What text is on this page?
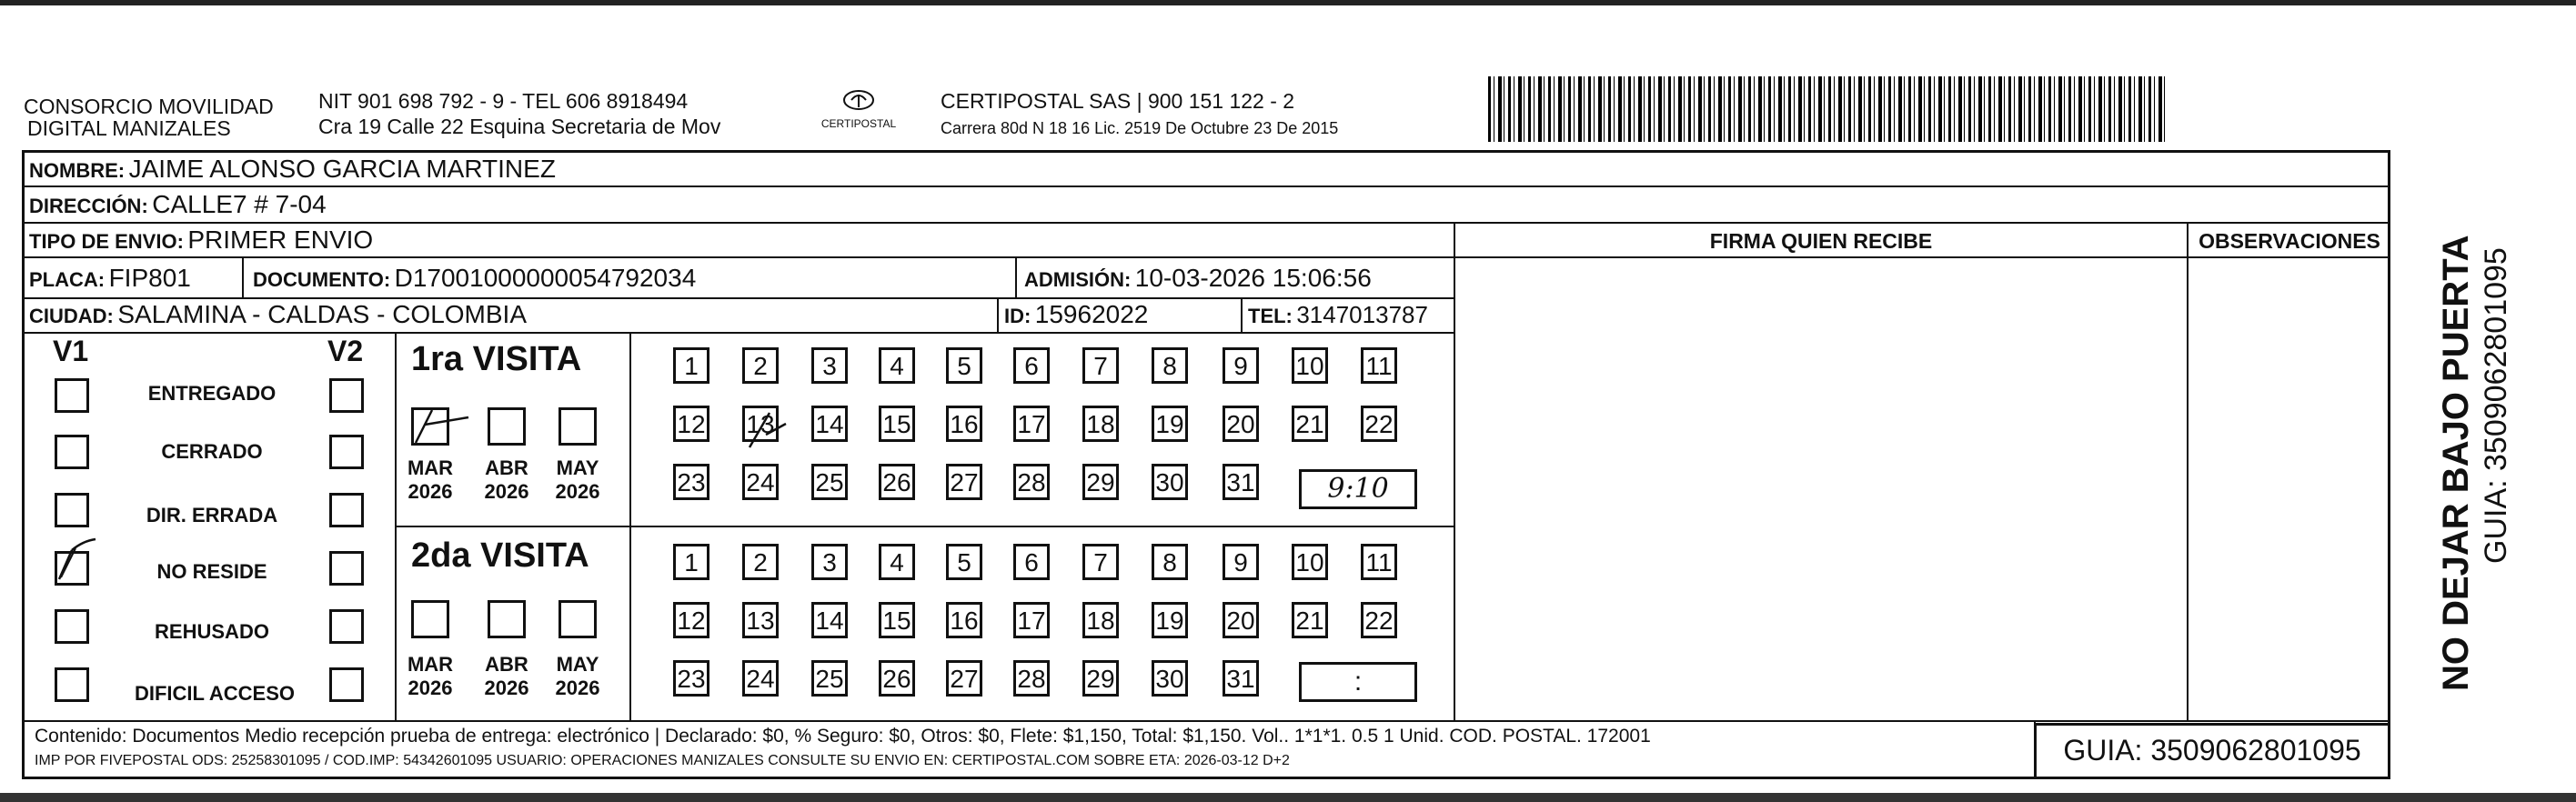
CONSORCIO MOVILIDAD
DIGITAL MANIZALES
NIT 901 698 792 - 9 - TEL 606 8918494
Cra 19 Calle 22 Esquina Secretaria de Mov	CERTIPOSTAL
CERTIPOSTAL SAS | 900 151 122 - 2
Carrera 80d N 18 16 Lic. 2519 De Octubre 23 De 2015
NOMBRE: JAIME ALONSO GARCIA MARTINEZ
DIRECCIÓN: CALLE7 # 7-04
TIPO DE ENVIO: PRIMER ENVIO
PLACA: FIP801	DOCUMENTO: D17001000000054792034	ADMISIÓN: 10-03-2026 15:06:56
CIUDAD: SALAMINA - CALDAS - COLOMBIA	ID: 15962022	TEL: 3147013787
FIRMA QUIEN RECIBE	OBSERVACIONES
V1	V2
ENTREGADO
CERRADO
DIR. ERRADA
NO RESIDE
REHUSADO
DIFICIL ACCESO
1ra VISITA
MAR
2026
ABR
2026
MAY
2026
1	2	3	4	5	6	7	8	9	10 11
12 13 14 15 16 17 18 19 20 21 22
23 24 25 26 27 28 29 30 31	9:10
2da VISITA
MAR
2026
ABR
2026
MAY
2026
1	2	3	4	5	6	7	8	9	10 11
12 13 14 15 16 17 18 19 20 21 22
23 24 25 26 27 28 29 30 31	:
Contenido: Documentos Medio recepción prueba de entrega: electrónico | Declarado: $0, % Seguro: $0, Otros: $0, Flete: $1,150, Total: $1,150. Vol.. 1*1*1. 0.5 1 Unid. COD. POSTAL. 172001
IMP POR FIVEPOSTAL ODS: 25258301095 / COD.IMP: 54342601095 USUARIO: OPERACIONES MANIZALES CONSULTE SU ENVIO EN: CERTIPOSTAL.COM SOBRE ETA: 2026-03-12 D+2	GUIA: 3509062801095
NO DEJAR BAJO PUERTA GUIA: 3509062801095
